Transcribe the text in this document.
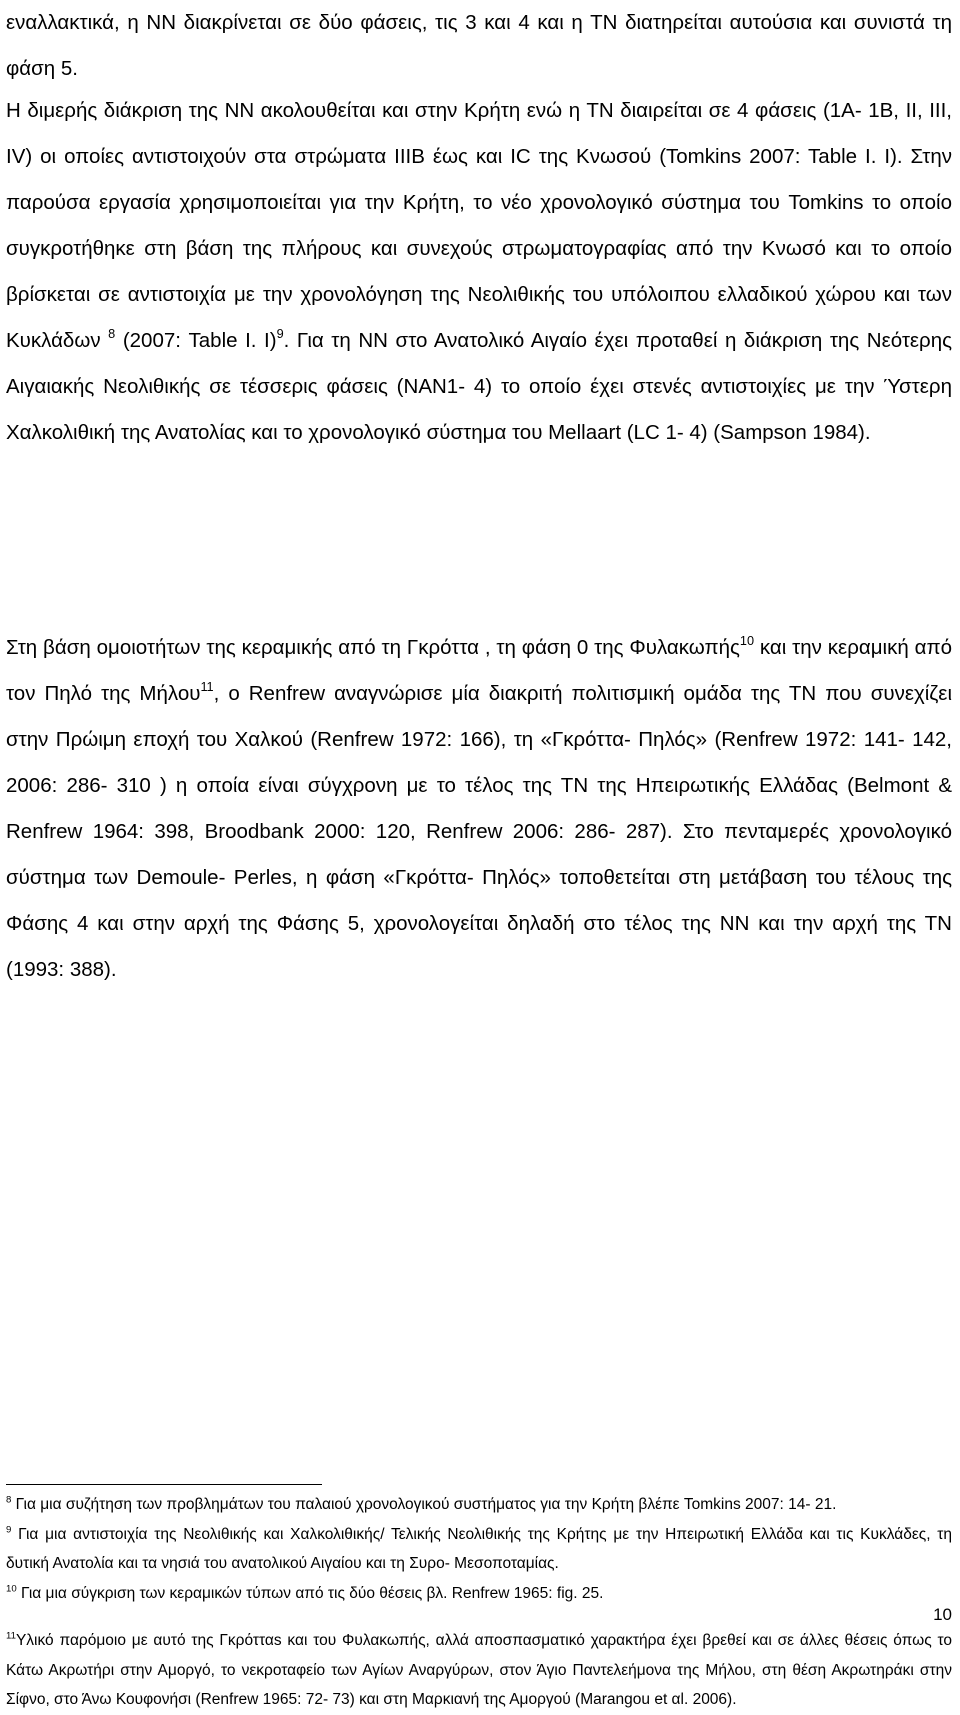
εναλλακτικά, η ΝΝ διακρίνεται σε δύο φάσεις, τις 3 και 4 και η ΤΝ διατηρείται αυτούσια και συνιστά τη φάση 5.

Η διμερής διάκριση της ΝΝ ακολουθείται και στην Κρήτη ενώ η ΤΝ διαιρείται σε 4 φάσεις (1Α- 1Β, ΙΙ, ΙΙΙ, IV) οι οποίες αντιστοιχούν στα στρώματα ΙΙΙΒ έως και IC της Κνωσού (Tomkins 2007: Table I. I). Στην παρούσα εργασία χρησιμοποιείται για την Κρήτη, το νέο χρονολογικό σύστημα του Tomkins το οποίο συγκροτήθηκε στη βάση της πλήρους και συνεχούς στρωματογραφίας από την Κνωσό και το οποίο βρίσκεται σε αντιστοιχία με την χρονολόγηση της Νεολιθικής του υπόλοιπου ελλαδικού χώρου και των Κυκλάδων $^8$ (2007: Table I. I)$^9$. Για τη ΝΝ στο Ανατολικό Αιγαίο έχει προταθεί η διάκριση της Νεότερης Αιγαιακής Νεολιθικής σε τέσσερις φάσεις (ΝΑΝ1- 4) το οποίο έχει στενές αντιστοιχίες με την Ύστερη Χαλκολιθική της Ανατολίας και το χρονολογικό σύστημα του Mellaart (LC 1- 4) (Sampson 1984).

Στη βάση ομοιοτήτων της κεραμικής από τη Γκρόττα , τη φάση 0 της Φυλακωπής$^{10}$ και την κεραμική από τον Πηλό της Μήλου$^{11}$, ο Renfrew αναγνώρισε μία διακριτή πολιτισμική ομάδα της ΤΝ που συνεχίζει στην Πρώιμη εποχή του Χαλκού (Renfrew 1972: 166), τη «Γκρόττα- Πηλός» (Renfrew 1972: 141- 142, 2006: 286- 310 ) η οποία είναι σύγχρονη με το τέλος της ΤΝ της Ηπειρωτικής Ελλάδας (Belmont & Renfrew 1964: 398, Broodbank 2000: 120, Renfrew 2006: 286- 287). Στο πενταμερές χρονολογικό σύστημα των Demoule- Perles, η φάση «Γκρόττα- Πηλός» τοποθετείται στη μετάβαση του τέλους της Φάσης 4 και στην αρχή της Φάσης 5, χρονολογείται δηλαδή στο τέλος της ΝΝ και την αρχή της ΤΝ (1993: 388).

$^8$ Για μια συζήτηση των προβλημάτων του παλαιού χρονολογικού συστήματος για την Κρήτη βλέπε Tomkins 2007: 14- 21.

$^9$ Για μια αντιστοιχία της Νεολιθικής και Χαλκολιθικής/ Τελικής Νεολιθικής της Κρήτης με την Ηπειρωτική Ελλάδα και τις Κυκλάδες, τη δυτική Ανατολία και τα νησιά του ανατολικού Αιγαίου και τη Συρο- Μεσοποταμίας.

$^{10}$ Για μια σύγκριση των κεραμικών τύπων από τις δύο θέσεις βλ. Renfrew 1965: fig. 25.

$^{11}$Υλικό παρόμοιο με αυτό της Γκρότταs και του Φυλακωπής, αλλά αποσπασματικό χαρακτήρα έχει βρεθεί και σε άλλες θέσεις όπως το Κάτω Ακρωτήρι στην Αμοργό, το νεκροταφείο των Αγίων Αναργύρων, στον Άγιο Παντελεήμονα της Μήλου, στη θέση Ακρωτηράκι στην Σίφνο, στο Άνω Κουφονήσι (Renfrew 1965: 72- 73) και στη Μαρκιανή της Αμοργού (Marangou et αl. 2006).

10
